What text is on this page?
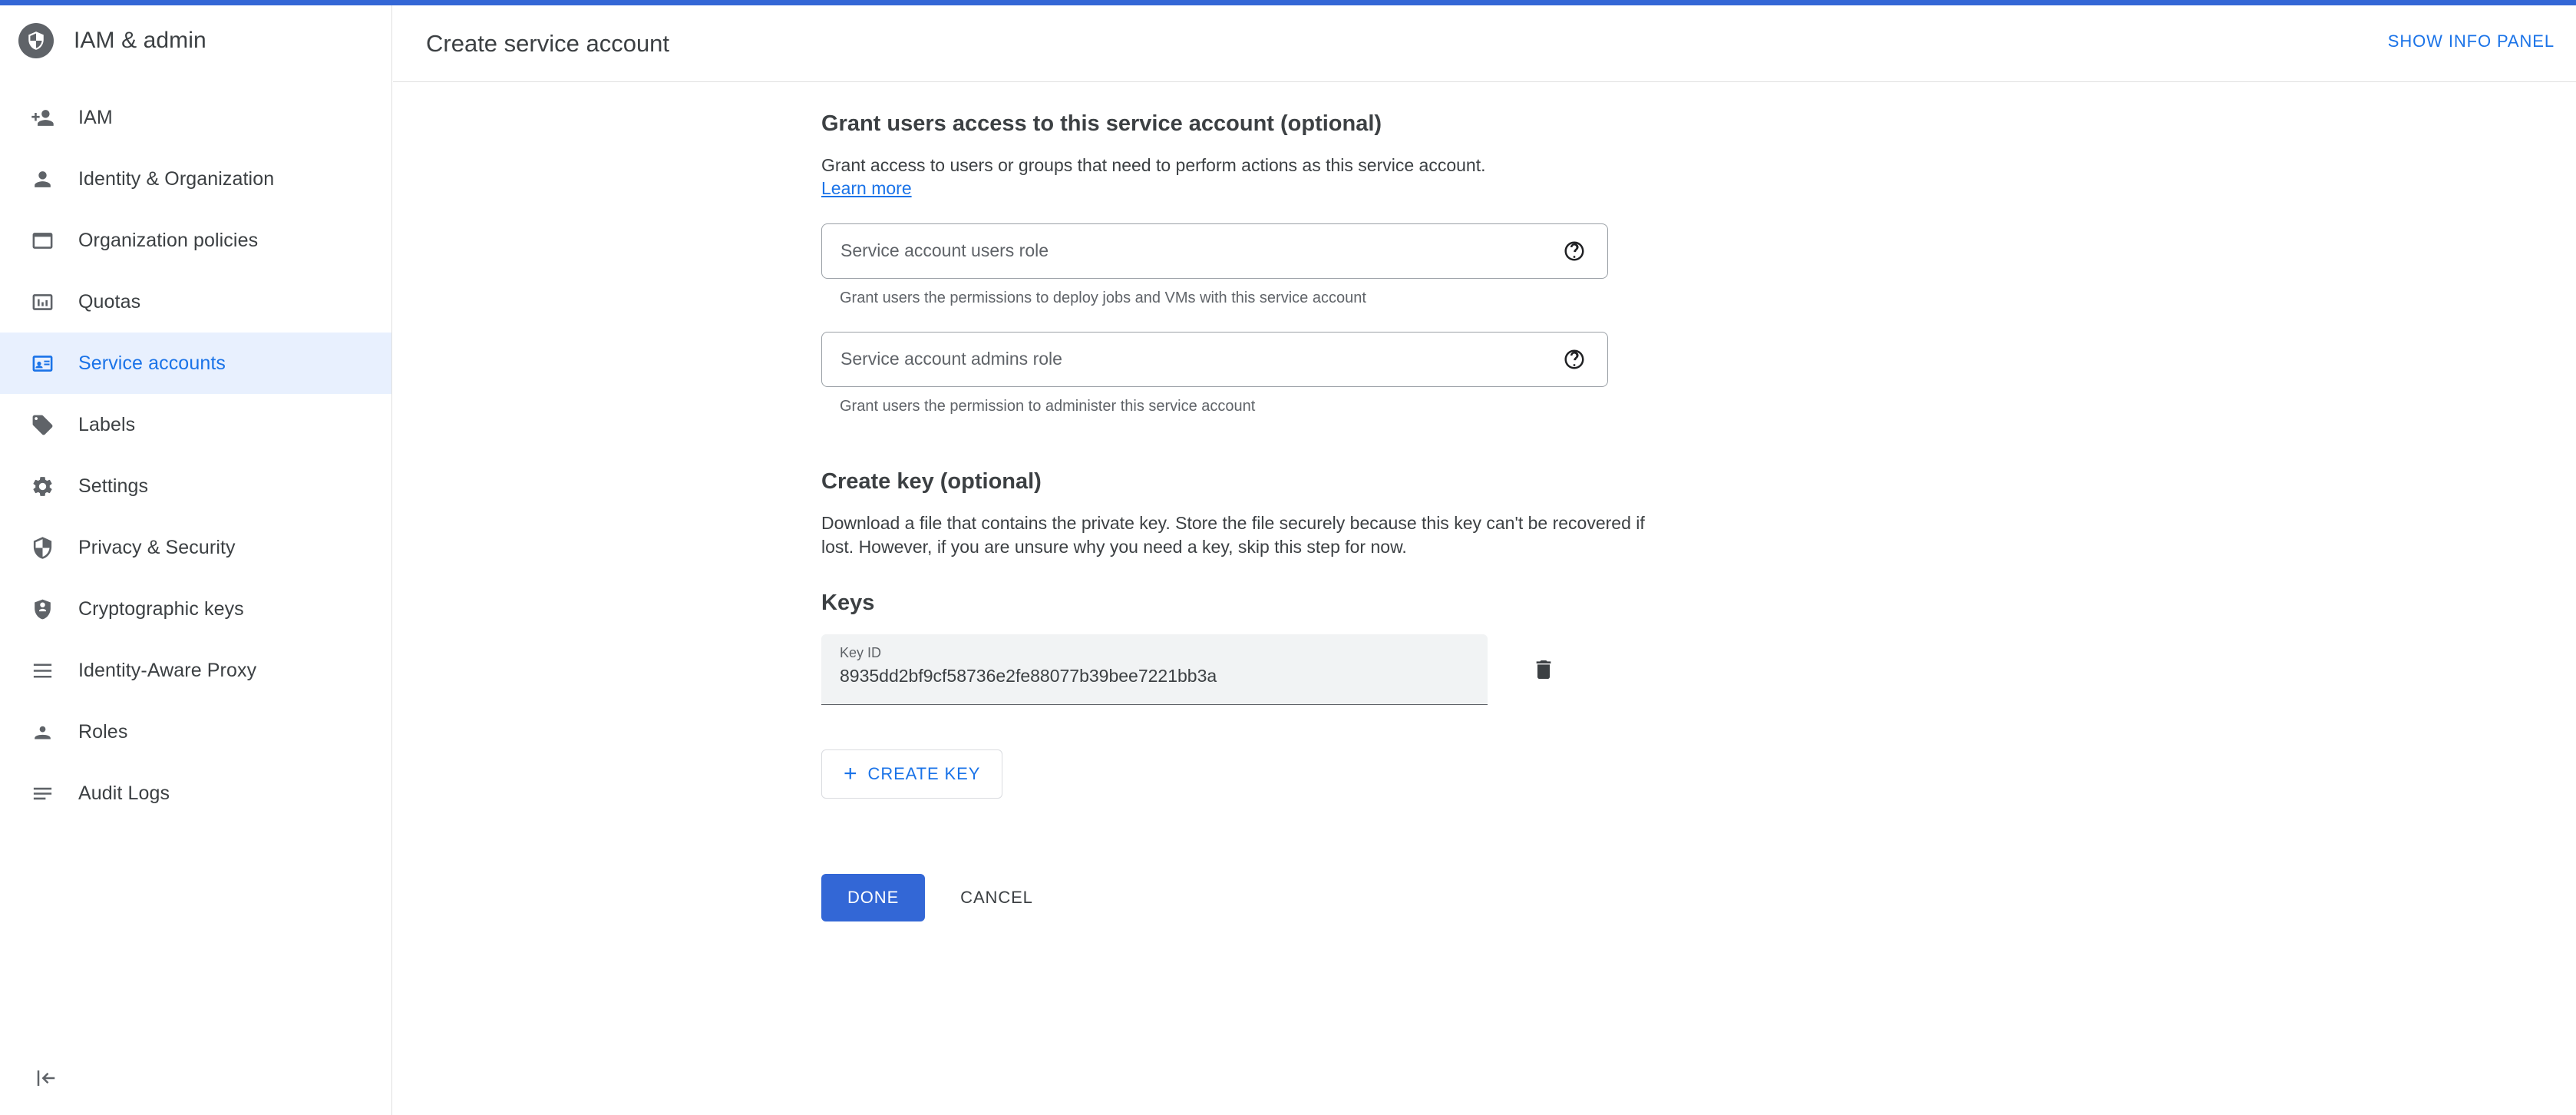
IAM & admin
IAM
Identity & Organization
Organization policies
Quotas
Service accounts
Labels
Settings
Privacy & Security
Cryptographic keys
Identity-Aware Proxy
Roles
Audit Logs
Create service account	SHOW INFO PANEL
Grant users access to this service account (optional)

Grant access to users or groups that need to perform actions as this service account.

Learn more
Service account users role
Grant users the permissions to deploy jobs and VMs with this service account
Service account admins role
Grant users the permission to administer this service account
Create key (optional)

Download a file that contains the private key. Store the file securely because this key can't be recovered if lost. However, if you are unsure why you need a key, skip this step for now.

Keys
Key ID
8935dd2bf9cf58736e2fe88077b39bee7221bb3a
+ CREATE KEY
DONE	CANCEL
